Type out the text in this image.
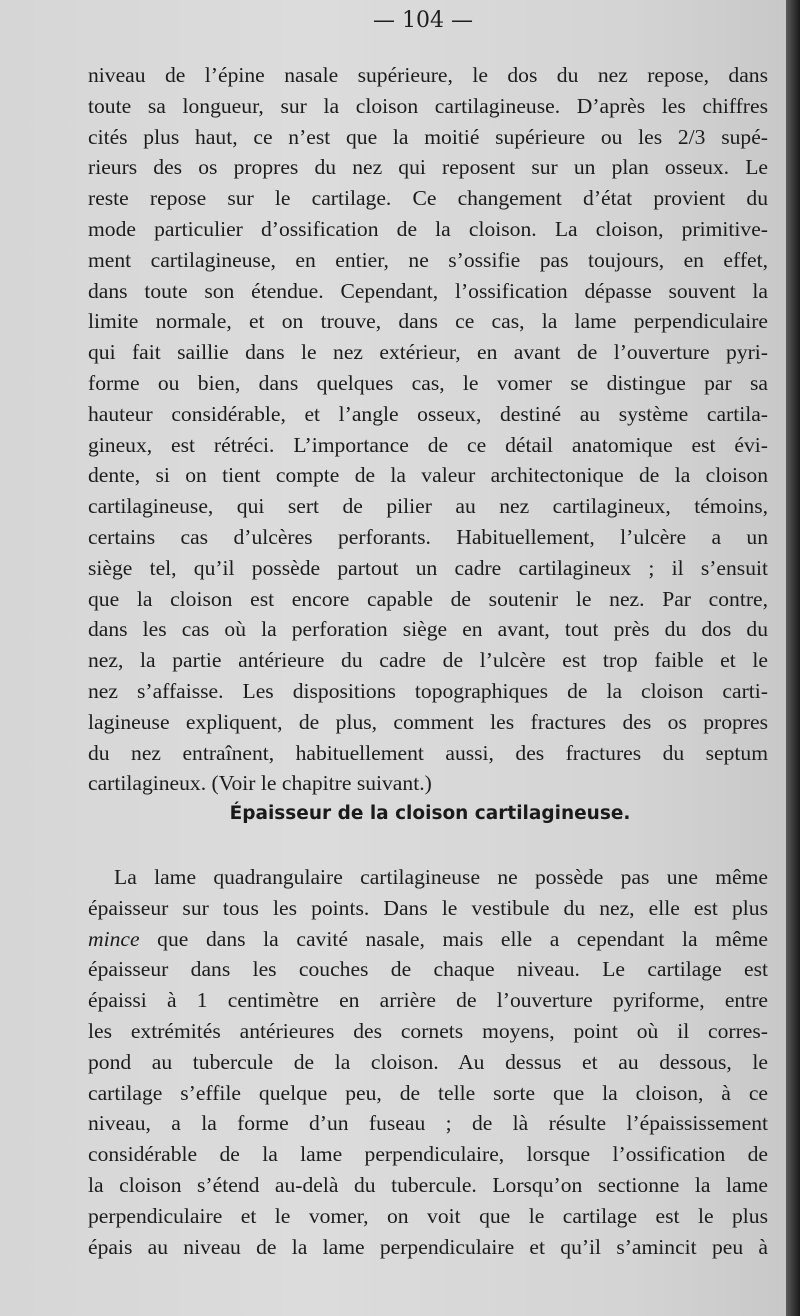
— 104 —
niveau de l’épine nasale supérieure, le dos du nez repose, dans
toute sa longueur, sur la cloison cartilagineuse. D’après les chiffres
cités plus haut, ce n’est que la moitié supérieure ou les 2/3 supé-
rieurs des os propres du nez qui reposent sur un plan osseux. Le
reste repose sur le cartilage. Ce changement d’état provient du
mode particulier d’ossification de la cloison. La cloison, primitive-
ment cartilagineuse, en entier, ne s’ossifie pas toujours, en effet,
dans toute son étendue. Cependant, l’ossification dépasse souvent la
limite normale, et on trouve, dans ce cas, la lame perpendiculaire
qui fait saillie dans le nez extérieur, en avant de l’ouverture pyri-
forme ou bien, dans quelques cas, le vomer se distingue par sa
hauteur considérable, et l’angle osseux, destiné au système cartila-
gineux, est rétréci. L’importance de ce détail anatomique est évi-
dente, si on tient compte de la valeur architectonique de la cloison
cartilagineuse, qui sert de pilier au nez cartilagineux, témoins,
certains cas d’ulcères perforants. Habituellement, l’ulcère a un
siège tel, qu’il possède partout un cadre cartilagineux ; il s’ensuit
que la cloison est encore capable de soutenir le nez. Par contre,
dans les cas où la perforation siège en avant, tout près du dos du
nez, la partie antérieure du cadre de l’ulcère est trop faible et le
nez s’affaisse. Les dispositions topographiques de la cloison carti-
lagineuse expliquent, de plus, comment les fractures des os propres
du nez entraînent, habituellement aussi, des fractures du septum
cartilagineux. (Voir le chapitre suivant.)
Épaisseur de la cloison cartilagineuse.
La lame quadrangulaire cartilagineuse ne possède pas une même
épaisseur sur tous les points. Dans le vestibule du nez, elle est plus
mince que dans la cavité nasale, mais elle a cependant la même
épaisseur dans les couches de chaque niveau. Le cartilage est
épaissi à 1 centimètre en arrière de l’ouverture pyriforme, entre
les extrémités antérieures des cornets moyens, point où il corres-
pond au tubercule de la cloison. Au dessus et au dessous, le
cartilage s’effile quelque peu, de telle sorte que la cloison, à ce
niveau, a la forme d’un fuseau ; de là résulte l’épaississement
considérable de la lame perpendiculaire, lorsque l’ossification de
la cloison s’étend au-delà du tubercule. Lorsqu’on sectionne la lame
perpendiculaire et le vomer, on voit que le cartilage est le plus
épais au niveau de la lame perpendiculaire et qu’il s’amincit peu à
